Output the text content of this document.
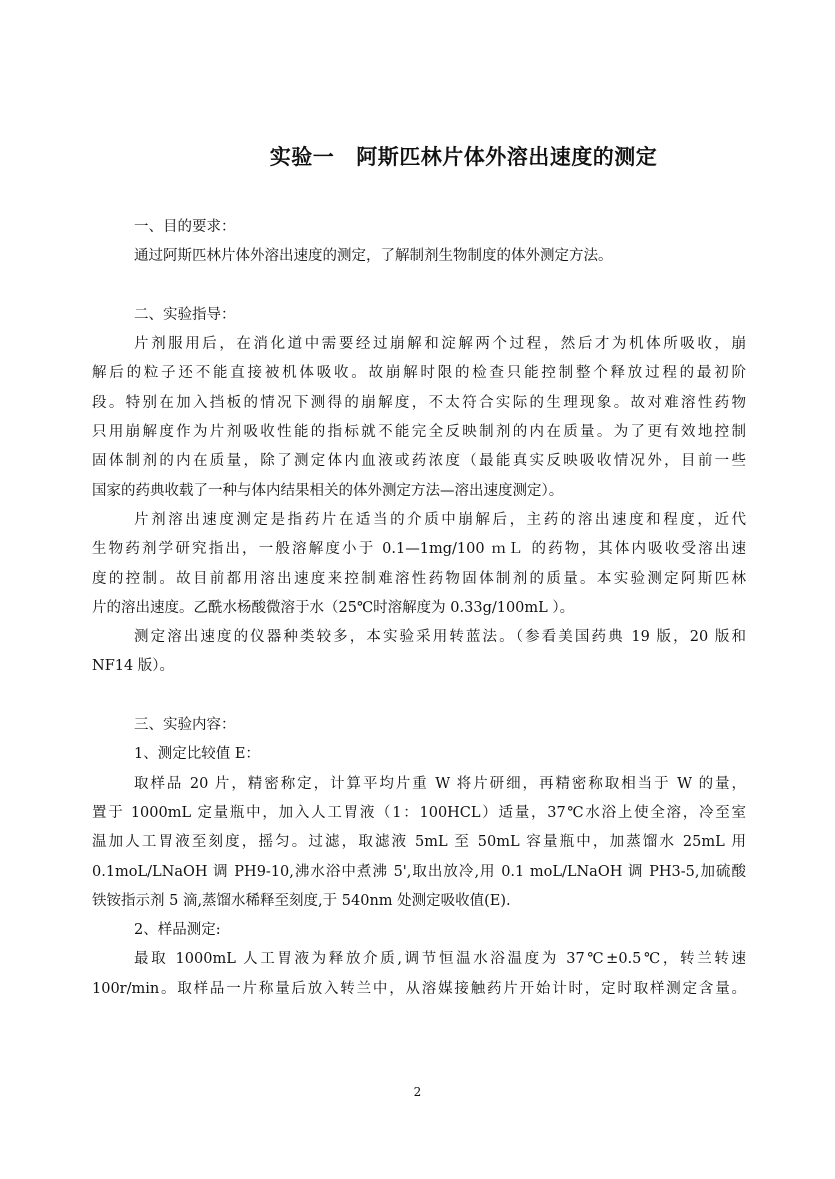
实验一 阿斯匹林片体外溶出速度的测定
一、目的要求：
通过阿斯匹林片体外溶出速度的测定，了解制剂生物制度的体外测定方法。
二、实验指导：
片剂服用后，在消化道中需要经过崩解和淀解两个过程，然后才为机体所吸收，崩
解后的粒子还不能直接被机体吸收。故崩解时限的检查只能控制整个释放过程的最初阶
段。特别在加入挡板的情况下测得的崩解度，不太符合实际的生理现象。故对难溶性药物
只用崩解度作为片剂吸收性能的指标就不能完全反映制剂的内在质量。为了更有效地控制
固体制剂的内在质量，除了测定体内血液或药浓度（最能真实反映吸收情况外，目前一些
国家的药典收载了一种与体内结果相关的体外测定方法—溶出速度测定）。
片剂溶出速度测定是指药片在适当的介质中崩解后，主药的溶出速度和程度，近代
生物药剂学研究指出，一般溶解度小于 0.1—1mg/100 ｍＬ 的药物，其体内吸收受溶出速
度的控制。故目前都用溶出速度来控制难溶性药物固体制剂的质量。本实验测定阿斯匹林
片的溶出速度。乙酰水杨酸微溶于水（25℃时溶解度为 0.33g/100mL ）。
测定溶出速度的仪器种类较多，本实验采用转蓝法。（参看美国药典 19 版，20 版和
NF14 版）。
三、实验内容：
1、测定比较值 E：
取样品 20 片，精密称定，计算平均片重 W 将片研细，再精密称取相当于 W 的量，
置于 1000mL 定量瓶中，加入人工胃液（1：100HCL）适量，37℃水浴上使全溶，冷至室
温加人工胃液至刻度，摇匀。过滤，取滤液 5mL 至 50mL 容量瓶中，加蒸馏水 25mL 用
0.1moL/LNaOH 调 PH9-10,沸水浴中煮沸 5',取出放冷,用 0.1 moL/LNaOH 调 PH3-5,加硫酸
铁铵指示剂 5 滴,蒸馏水稀释至刻度,于 540nm 处测定吸收值(E).
2、样品测定:
最取 1000mL 人工胃液为释放介质,调节恒温水浴温度为 37℃±0.5℃，转兰转速
100r/min。取样品一片称量后放入转兰中，从溶媒接触药片开始计时，定时取样测定含量。
2
